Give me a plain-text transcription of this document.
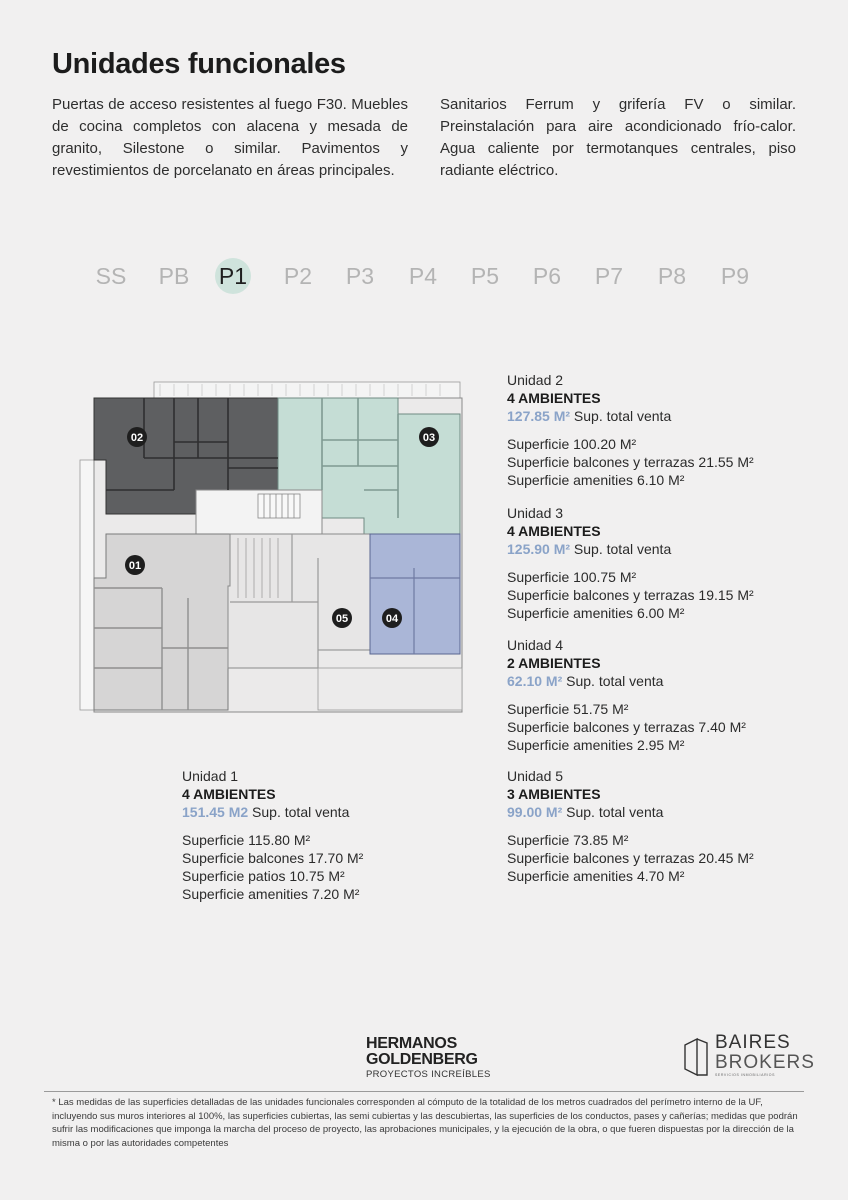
Unidades funcionales

Puertas de acceso resistentes al fuego F30. Muebles de cocina completos con alacena y mesada de granito, Silestone o similar. Pavimentos y revestimientos de porcelanato en áreas principales.

Sanitarios Ferrum y grifería FV o similar. Preinstalación para aire acondicionado frío-calor. Agua caliente por termotanques centrales, piso radiante eléctrico.

SS PB	P1	P2	P3	P4	P5	P6	P7	P8	P9
02	03
01
05	04
Unidad 2
4 AMBIENTES
127.85 M² Sup. total venta
Superficie 100.20 M²
Superficie balcones y terrazas 21.55 M²
Superficie amenities 6.10 M²
Unidad 3
4 AMBIENTES
125.90 M² Sup. total venta
Superficie 100.75 M²
Superficie balcones y terrazas 19.15 M²
Superficie amenities 6.00 M²
Unidad 4
2 AMBIENTES
62.10 M² Sup. total venta
Superficie 51.75 M²
Superficie balcones y terrazas 7.40 M²
Superficie amenities 2.95 M²
Unidad 5
3 AMBIENTES
99.00 M² Sup. total venta
Superficie 73.85 M²
Superficie balcones y terrazas 20.45 M²
Superficie amenities 4.70 M²
Unidad 1
4 AMBIENTES
151.45 M2 Sup. total venta
Superficie 115.80 M²
Superficie balcones 17.70 M²
Superficie patios 10.75 M²
Superficie amenities 7.20 M²
HERMANOS
GOLDENBERG
PROYECTOS INCREÍBLES
BAIRES
BROKERS
SERVICIOS INMOBILIARIOS

* Las medidas de las superficies detalladas de las unidades funcionales corresponden al cómputo de la totalidad de los metros cuadrados del perímetro interno de la UF, incluyendo sus muros interiores al 100%, las superficies cubiertas, las semi cubiertas y las descubiertas, las superficies de los conductos, pases y cañerías; medidas que podrán sufrir las modificaciones que imponga la marcha del proceso de proyecto, las aprobaciones municipales, y la ejecución de la obra, o que fueren dispuestas por la dirección de la misma o por las autoridades competentes
